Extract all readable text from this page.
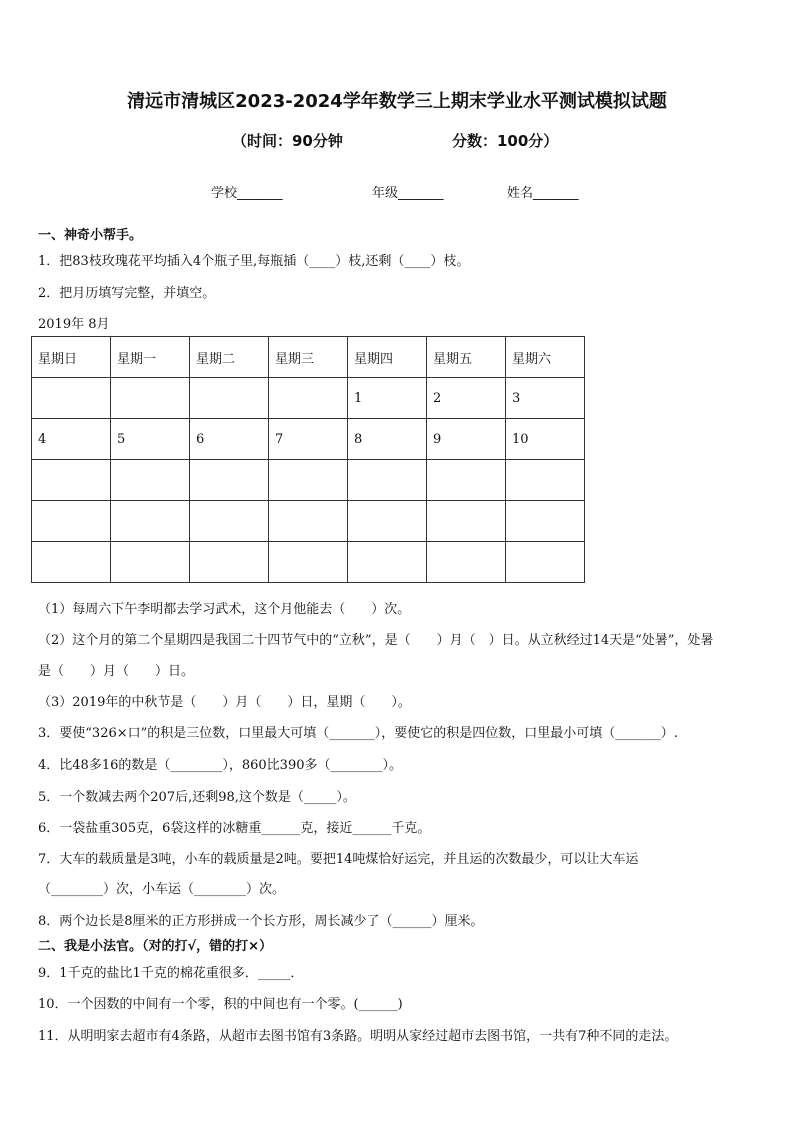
清远市清城区2023-2024学年数学三上期末学业水平测试模拟试题
（时间：90分钟	分数：100分）
学校_______	年级_______	姓名_______
一、神奇小帮手。
1．把83枝玫瑰花平均插入4个瓶子里,每瓶插（____）枝,还剩（____）枝。
2．把月历填写完整，并填空。
2019年 8月
星期日	星期一	星期二	星期三	星期四	星期五	星期六
				1	2	3
4	5	6	7	8	9	10

（1）每周六下午李明都去学习武术，这个月他能去（　　）次。
（2）这个月的第二个星期四是我国二十四节气中的“立秋”，是（　　）月（　）日。从立秋经过14天是“处暑”，处暑
是（　　）月（　　）日。
（3）2019年的中秋节是（　　）月（　　）日，星期（　　）。
3．要使“326×口”的积是三位数，口里最大可填（_______），要使它的积是四位数，口里最小可填（_______）.
4．比48多16的数是（________），860比390多（________）。
5．一个数减去两个207后,还剩98,这个数是（_____）。
6．一袋盐重305克，6袋这样的冰糖重______克，接近______千克。
7．大车的载质量是3吨，小车的载质量是2吨。要把14吨煤恰好运完，并且运的次数最少，可以让大车运
（________）次，小车运（________）次。
8．两个边长是8厘米的正方形拼成一个长方形，周长减少了（______）厘米。
二、我是小法官。（对的打√，错的打×）
9．1千克的盐比1千克的棉花重很多．_____．
10．一个因数的中间有一个零，积的中间也有一个零。(______)
11．从明明家去超市有4条路，从超市去图书馆有3条路。明明从家经过超市去图书馆，一共有7种不同的走法。
